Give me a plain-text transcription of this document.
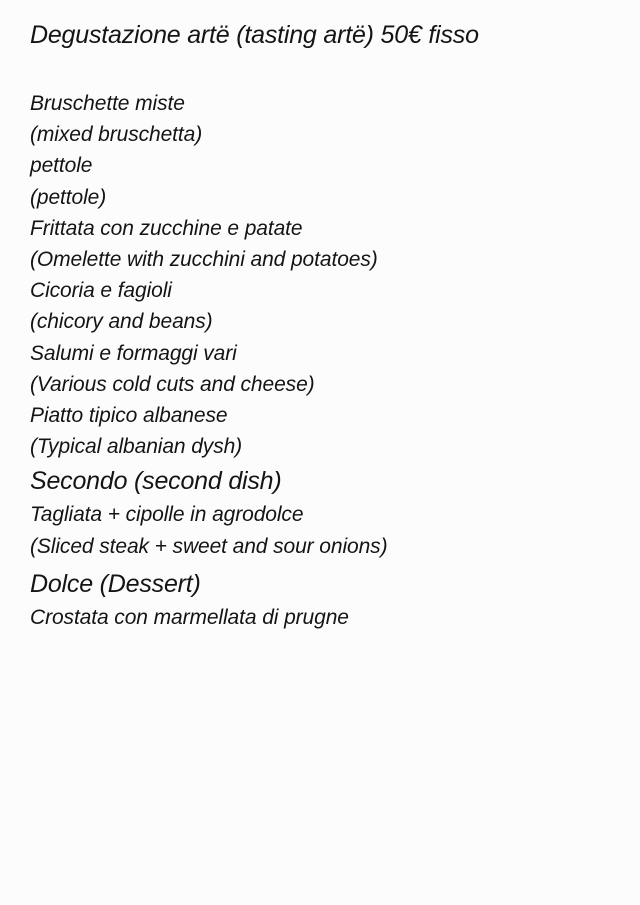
Degustazione artë (tasting artë) 50€ fisso
Bruschette miste
(mixed bruschetta)
pettole
(pettole)
Frittata con zucchine e patate
(Omelette with zucchini and potatoes)
Cicoria e fagioli
(chicory and beans)
Salumi e formaggi vari
(Various cold cuts and cheese)
Piatto tipico albanese
(Typical albanian dysh)
Secondo (second dish)
Tagliata + cipolle in agrodolce
(Sliced steak + sweet and sour onions)
Dolce (Dessert)
Crostata con marmellata di prugne
